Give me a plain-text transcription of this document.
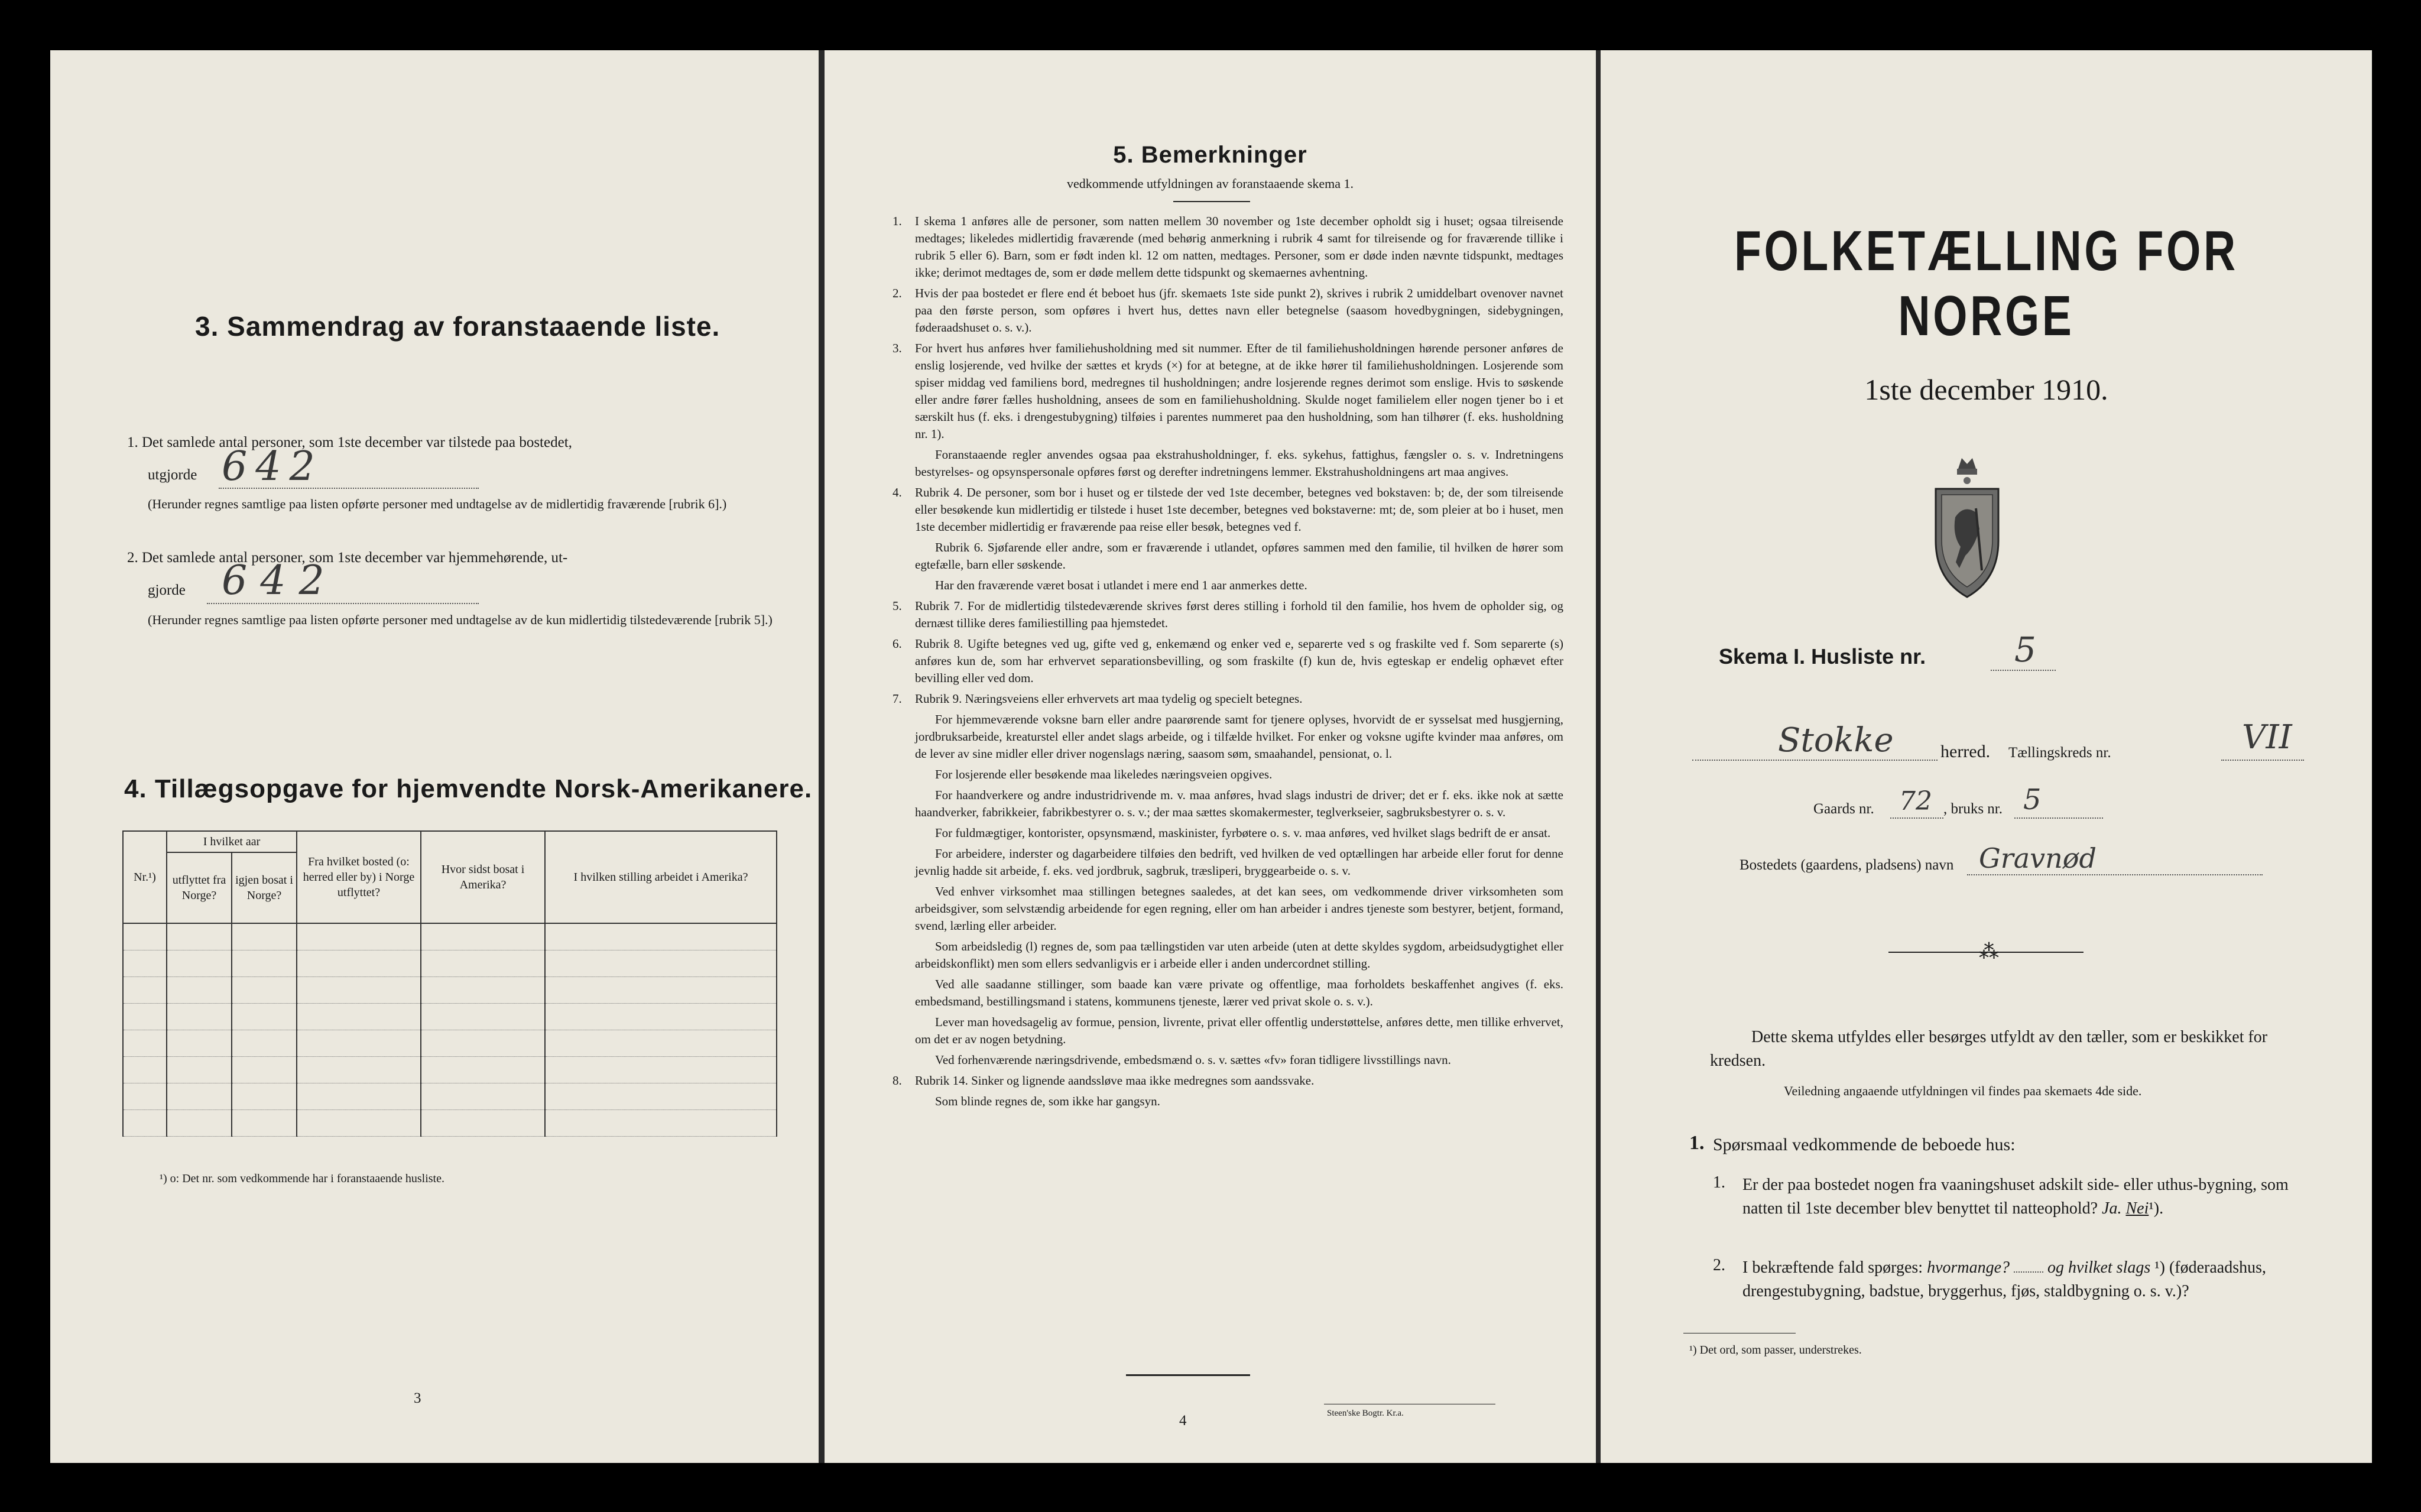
3. Sammendrag av foranstaaende liste.
1. Det samlede antal personer, som 1ste december var tilstede paa bostedet,
utgjorde 642
(Herunder regnes samtlige paa listen opførte personer med undtagelse av de midlertidig fraværende [rubrik 6].)
2. Det samlede antal personer, som 1ste december var hjemmehørende, ut-
gjorde 642
(Herunder regnes samtlige paa listen opførte personer med undtagelse av de kun midlertidig tilstedeværende [rubrik 5].)
4. Tillægsopgave for hjemvendte Norsk-Amerikanere.
Nr.¹)	I hvilket aar		Fra hvilket bosted (o: herred eller by) i Norge utflyttet?	Hvor sidst bosat i Amerika?	I hvilken stilling arbeidet i Amerika?
	utflyttet fra Norge?	igjen bosat i Norge?			

¹) o: Det nr. som vedkommende har i foranstaaende husliste.
3
5. Bemerkninger
vedkommende utfyldningen av foranstaaende skema 1.
1.	I skema 1 anføres alle de personer, som natten mellem 30 november og 1ste december opholdt sig i huset; ogsaa tilreisende medtages; likeledes midlertidig fraværende (med behørig anmerkning i rubrik 4 samt for tilreisende og for fraværende tillike i rubrik 5 eller 6). Barn, som er født inden kl. 12 om natten, medtages. Personer, som er døde inden nævnte tidspunkt, medtages ikke; derimot medtages de, som er døde mellem dette tidspunkt og skemaernes avhentning.
2.	Hvis der paa bostedet er flere end ét beboet hus (jfr. skemaets 1ste side punkt 2), skrives i rubrik 2 umiddelbart ovenover navnet paa den første person, som opføres i hvert hus, dettes navn eller betegnelse (saasom hovedbygningen, sidebygningen, føderaadshuset o. s. v.).
3.	For hvert hus anføres hver familiehusholdning med sit nummer. Efter de til familiehusholdningen hørende personer anføres de enslig losjerende, ved hvilke der sættes et kryds (×) for at betegne, at de ikke hører til familiehusholdningen. Losjerende som spiser middag ved familiens bord, medregnes til husholdningen; andre losjerende regnes derimot som enslige. Hvis to søskende eller andre fører fælles husholdning, ansees de som en familiehusholdning. Skulde noget familielem eller nogen tjener bo i et særskilt hus (f. eks. i drengestubygning) tilføies i parentes nummeret paa den husholdning, som han tilhører (f. eks. husholdning nr. 1).

Foranstaaende regler anvendes ogsaa paa ekstrahusholdninger, f. eks. sykehus, fattighus, fængsler o. s. v. Indretningens bestyrelses- og opsynspersonale opføres først og derefter indretningens lemmer. Ekstrahusholdningens art maa angives.

4.	Rubrik 4. De personer, som bor i huset og er tilstede der ved 1ste december, betegnes ved bokstaven: b; de, der som tilreisende eller besøkende kun midlertidig er tilstede i huset 1ste december, betegnes ved bokstaverne: mt; de, som pleier at bo i huset, men 1ste december midlertidig er fraværende paa reise eller besøk, betegnes ved f.

Rubrik 6. Sjøfarende eller andre, som er fraværende i utlandet, opføres sammen med den familie, til hvilken de hører som egtefælle, barn eller søskende.

Har den fraværende været bosat i utlandet i mere end 1 aar anmerkes dette.

5.	Rubrik 7. For de midlertidig tilstedeværende skrives først deres stilling i forhold til den familie, hos hvem de opholder sig, og dernæst tillike deres familiestilling paa hjemstedet.
6.	Rubrik 8. Ugifte betegnes ved ug, gifte ved g, enkemænd og enker ved e, separerte ved s og fraskilte ved f. Som separerte (s) anføres kun de, som har erhvervet separationsbevilling, og som fraskilte (f) kun de, hvis egteskap er endelig ophævet efter bevilling eller ved dom.
7.	Rubrik 9. Næringsveiens eller erhvervets art maa tydelig og specielt betegnes.

For hjemmeværende voksne barn eller andre paarørende samt for tjenere oplyses, hvorvidt de er sysselsat med husgjerning, jordbruksarbeide, kreaturstel eller andet slags arbeide, og i tilfælde hvilket. For enker og voksne ugifte kvinder maa anføres, om de lever av sine midler eller driver nogenslags næring, saasom søm, smaahandel, pensionat, o. l.

For losjerende eller besøkende maa likeledes næringsveien opgives.

For haandverkere og andre industridrivende m. v. maa anføres, hvad slags industri de driver; det er f. eks. ikke nok at sætte haandverker, fabrikkeier, fabrikbestyrer o. s. v.; der maa sættes skomakermester, teglverkseier, sagbruksbestyrer o. s. v.

For fuldmægtiger, kontorister, opsynsmænd, maskinister, fyrbøtere o. s. v. maa anføres, ved hvilket slags bedrift de er ansat.

For arbeidere, inderster og dagarbeidere tilføies den bedrift, ved hvilken de ved optællingen har arbeide eller forut for denne jevnlig hadde sit arbeide, f. eks. ved jordbruk, sagbruk, træsliperi, bryggearbeide o. s. v.

Ved enhver virksomhet maa stillingen betegnes saaledes, at det kan sees, om vedkommende driver virksomheten som arbeidsgiver, som selvstændig arbeidende for egen regning, eller om han arbeider i andres tjeneste som bestyrer, betjent, formand, svend, lærling eller arbeider.

Som arbeidsledig (l) regnes de, som paa tællingstiden var uten arbeide (uten at dette skyldes sygdom, arbeidsudygtighet eller arbeidskonflikt) men som ellers sedvanligvis er i arbeide eller i anden undercordnet stilling.

Ved alle saadanne stillinger, som baade kan være private og offentlige, maa forholdets beskaffenhet angives (f. eks. embedsmand, bestillingsmand i statens, kommunens tjeneste, lærer ved privat skole o. s. v.).

Lever man hovedsagelig av formue, pension, livrente, privat eller offentlig understøttelse, anføres dette, men tillike erhvervet, om det er av nogen betydning.

Ved forhenværende næringsdrivende, embedsmænd o. s. v. sættes «fv» foran tidligere livsstillings navn.

8.	Rubrik 14. Sinker og lignende aandssløve maa ikke medregnes som aandssvake.

Som blinde regnes de, som ikke har gangsyn.

4	Steen'ske Bogtr. Kr.a.
FOLKETÆLLING FOR NORGE
1ste december 1910.
Skema I. Husliste nr.	5
Stokke	herred. Tællingskreds nr.	VII
Gaards nr. 72 , bruks nr. 5
Bostedets (gaardens, pladsens) navn Gravnød
⁂
Dette skema utfyldes eller besørges utfyldt av den tæller, som er beskikket for kredsen.
Veiledning angaaende utfyldningen vil findes paa skemaets 4de side.
1. Spørsmaal vedkommende de beboede hus:
1. Er der paa bostedet nogen fra vaaningshuset adskilt side- eller uthus-bygning, som natten til 1ste december blev benyttet til natteophold? Ja. Nei¹).
2. I bekræftende fald spørges: hvormange? og hvilket slags ¹) (føderaadshus, drengestubygning, badstue, bryggerhus, fjøs, staldbygning o. s. v.)?
¹) Det ord, som passer, understrekes.
